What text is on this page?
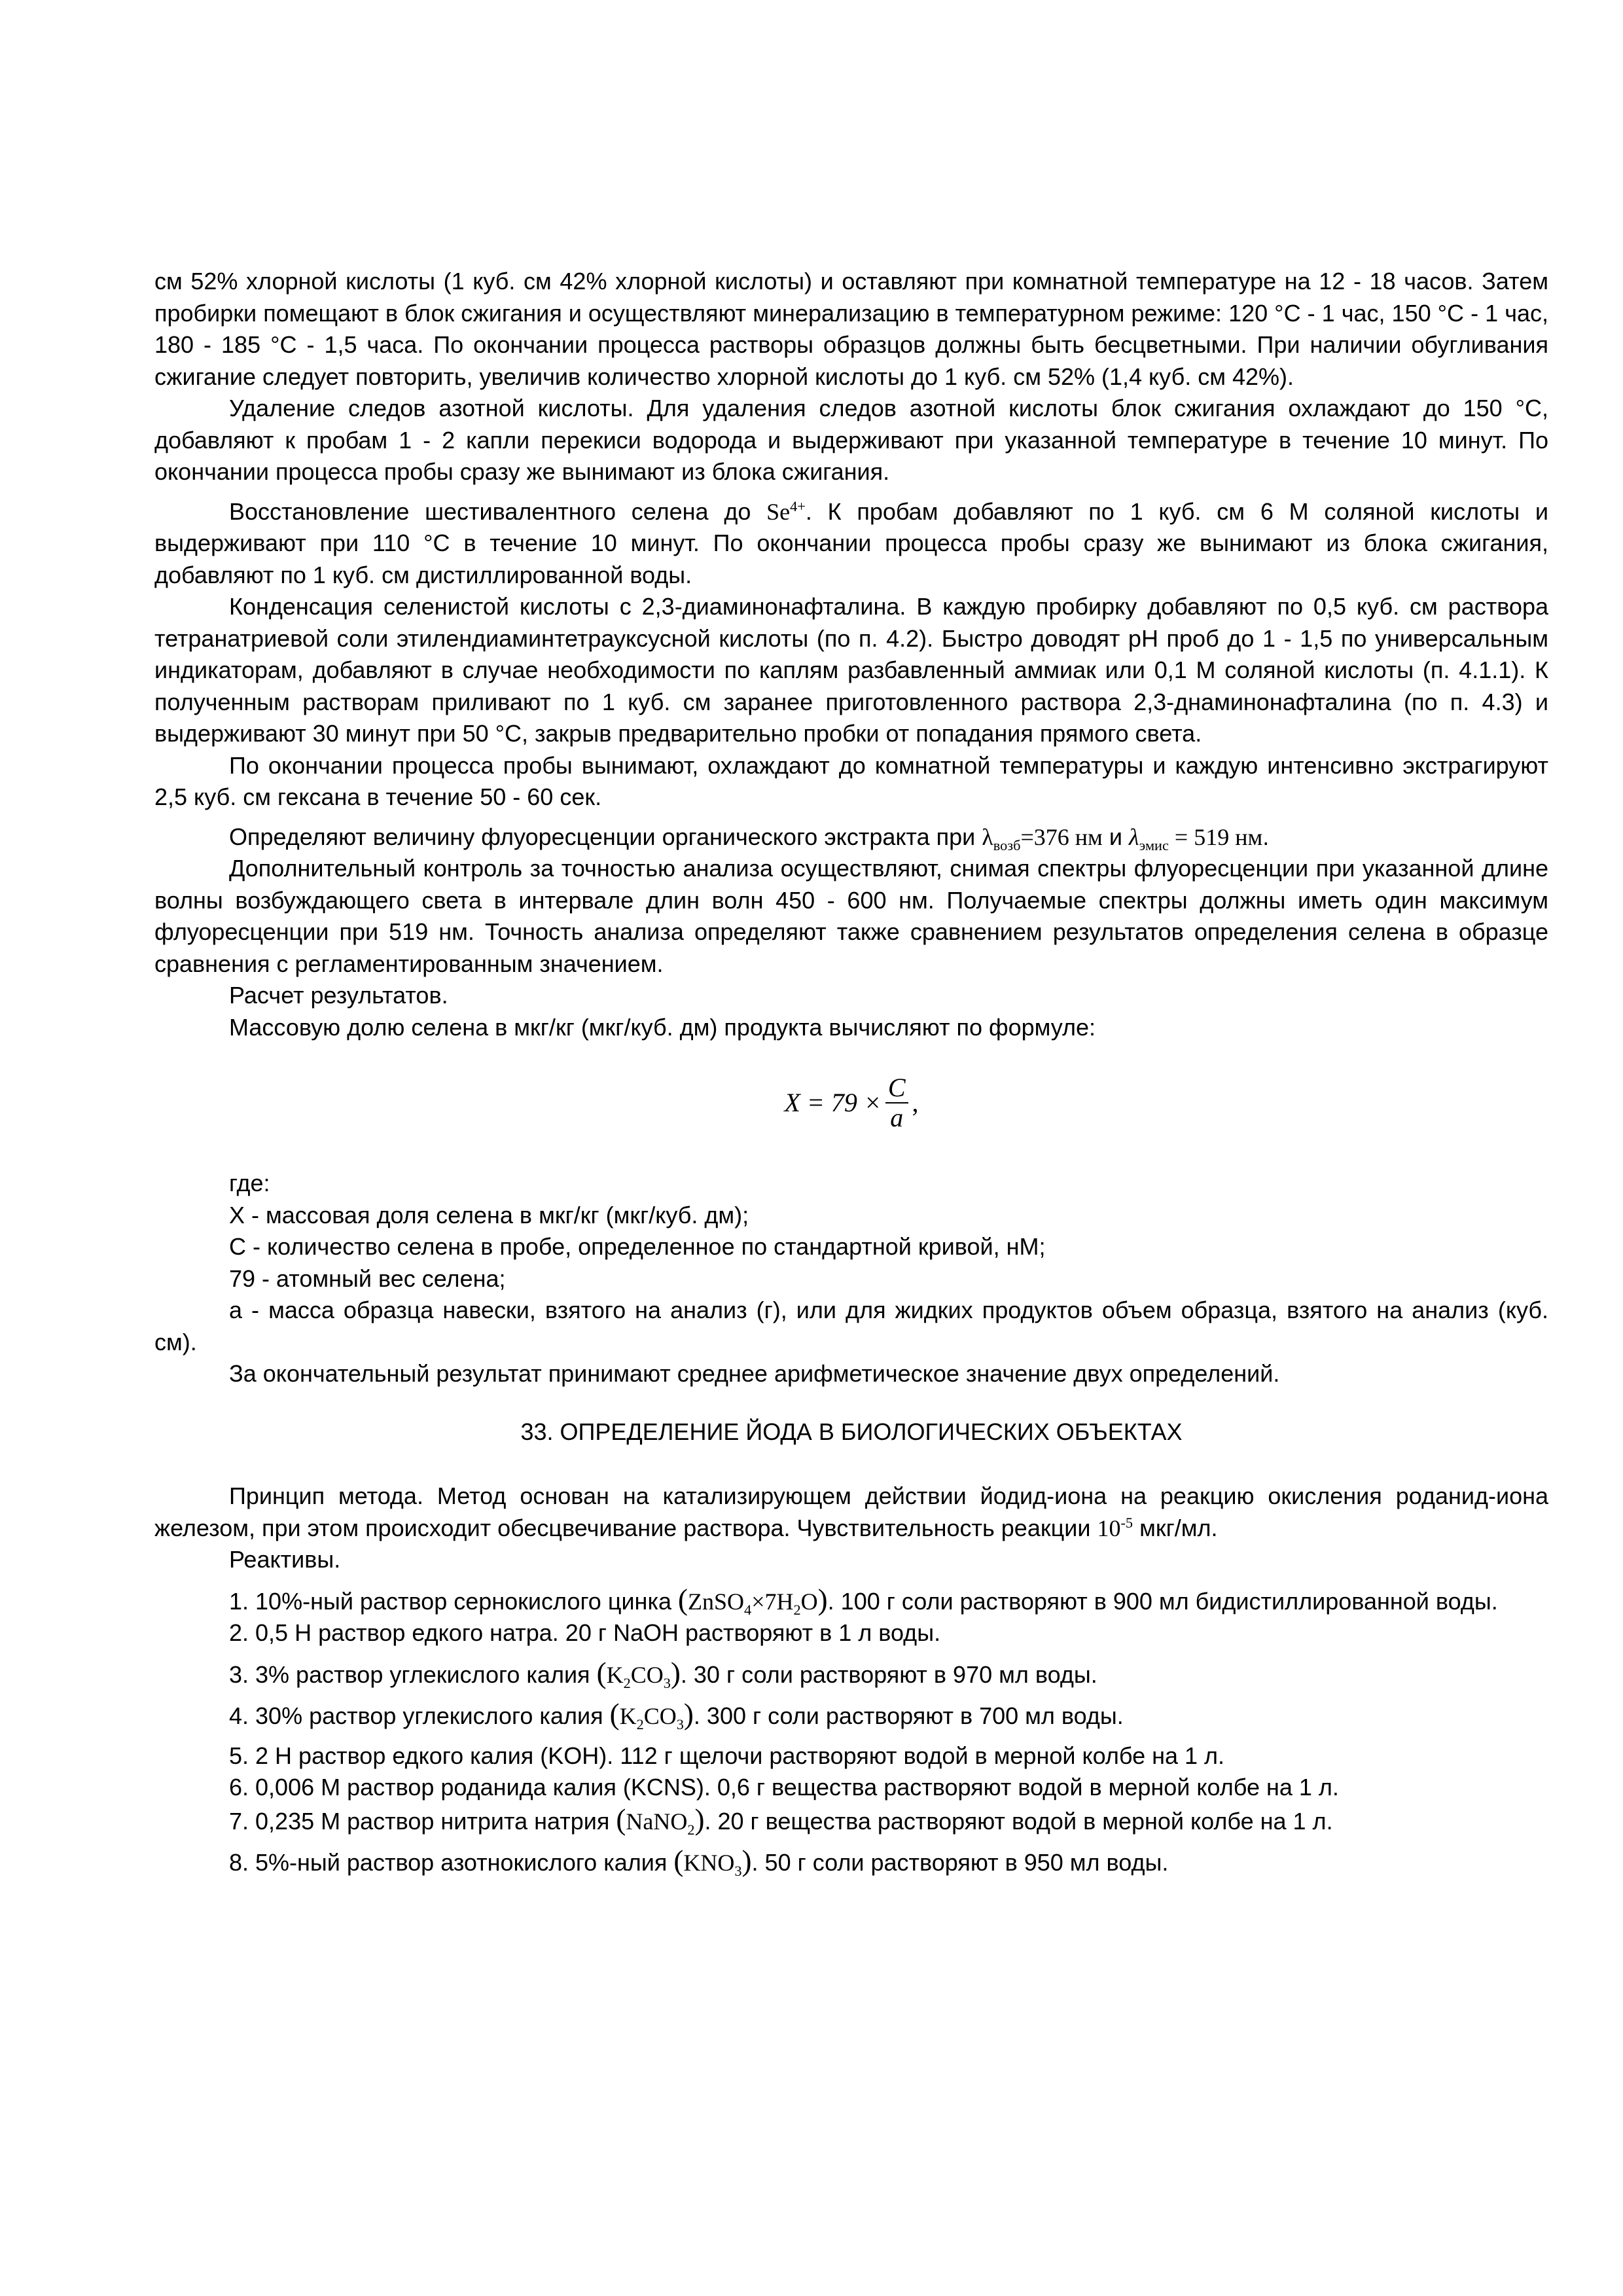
см 52% хлорной кислоты (1 куб. см 42% хлорной кислоты) и оставляют при комнатной температуре на 12 - 18 часов. Затем пробирки помещают в блок сжигания и осуществляют минерализацию в температурном режиме: 120 °С - 1 час, 150 °С - 1 час, 180 - 185 °С - 1,5 часа. По окончании процесса растворы образцов должны быть бесцветными. При наличии обугливания сжигание следует повторить, увеличив количество хлорной кислоты до 1 куб. см 52% (1,4 куб. см 42%).

Удаление следов азотной кислоты. Для удаления следов азотной кислоты блок сжигания охлаждают до 150 °С, добавляют к пробам 1 - 2 капли перекиси водорода и выдерживают при указанной температуре в течение 10 минут. По окончании процесса пробы сразу же вынимают из блока сжигания.

Восстановление шестивалентного селена до $Se^{4+}$. К пробам добавляют по 1 куб. см 6 М соляной кислоты и выдерживают при 110 °С в течение 10 минут. По окончании процесса пробы сразу же вынимают из блока сжигания, добавляют по 1 куб. см дистиллированной воды.

Конденсация селенистой кислоты с 2,3-диаминонафталина. В каждую пробирку добавляют по 0,5 куб. см раствора тетранатриевой соли этилендиаминтетрауксусной кислоты (по п. 4.2). Быстро доводят рН проб до 1 - 1,5 по универсальным индикаторам, добавляют в случае необходимости по каплям разбавленный аммиак или 0,1 М соляной кислоты (п. 4.1.1). К полученным растворам приливают по 1 куб. см заранее приготовленного раствора 2,3-днаминонафталина (по п. 4.3) и выдерживают 30 минут при 50 °С, закрыв предварительно пробки от попадания прямого света.

По окончании процесса пробы вынимают, охлаждают до комнатной температуры и каждую интенсивно экстрагируют 2,5 куб. см гексана в течение 50 - 60 сек.

Определяют величину флуоресценции органического экстракта при $\lambda_{возб}=376$ нм и $\lambda_{эмис} = 519$ нм.

Дополнительный контроль за точностью анализа осуществляют, снимая спектры флуоресценции при указанной длине волны возбуждающего света в интервале длин волн 450 - 600 нм. Получаемые спектры должны иметь один максимум флуоресценции при 519 нм. Точность анализа определяют также сравнением результатов определения селена в образце сравнения с регламентированным значением.

Расчет результатов.

Массовую долю селена в мкг/кг (мкг/куб. дм) продукта вычисляют по формуле:

$X = 79 \times \frac{C}{a}$ ,

где:

X - массовая доля селена в мкг/кг (мкг/куб. дм);

С - количество селена в пробе, определенное по стандартной кривой, нМ;

79 - атомный вес селена;

а - масса образца навески, взятого на анализ (г), или для жидких продуктов объем образца, взятого на анализ (куб. см).

За окончательный результат принимают среднее арифметическое значение двух определений.

33. ОПРЕДЕЛЕНИЕ ЙОДА В БИОЛОГИЧЕСКИХ ОБЪЕКТАХ

Принцип метода. Метод основан на катализирующем действии йодид-иона на реакцию окисления роданид-иона железом, при этом происходит обесцвечивание раствора. Чувствительность реакции $10^{-5}$ мкг/мл.

Реактивы.

1. 10%-ный раствор сернокислого цинка $(ZnSO_4\times 7H_2O)$. 100 г соли растворяют в 900 мл бидистиллированной воды.

2. 0,5 Н раствор едкого натра. 20 г NaOH растворяют в 1 л воды.

3. 3% раствор углекислого калия $(K_2CO_3)$. 30 г соли растворяют в 970 мл воды.

4. 30% раствор углекислого калия $(K_2CO_3)$. 300 г соли растворяют в 700 мл воды.

5. 2 Н раствор едкого калия (KOH). 112 г щелочи растворяют водой в мерной колбе на 1 л.

6. 0,006 М раствор роданида калия (KCNS). 0,6 г вещества растворяют водой в мерной колбе на 1 л.

7. 0,235 М раствор нитрита натрия (NaNO$_2$). 20 г вещества растворяют водой в мерной колбе на 1 л.

8. 5%-ный раствор азотнокислого калия $(KNO_3)$. 50 г соли растворяют в 950 мл воды.
